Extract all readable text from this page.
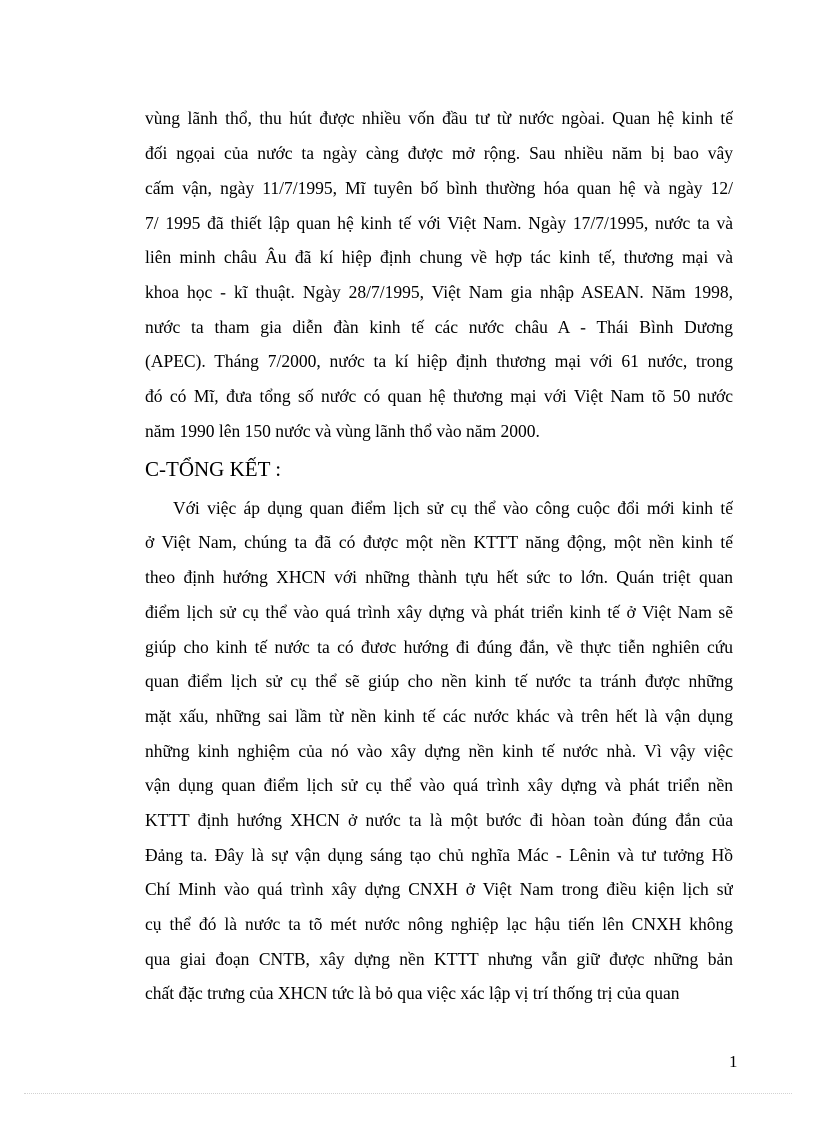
vùng lãnh thổ, thu hút được nhiều vốn đầu tư từ nước ngòai. Quan hệ kinh tế
đối ngọai của nước ta ngày càng được mở rộng. Sau nhiều năm bị bao vây
cấm vận, ngày 11/7/1995, Mĩ tuyên bố bình thường hóa quan hệ và ngày 12/
7/ 1995 đã thiết lập quan hệ kinh tế với Việt Nam. Ngày 17/7/1995, nước ta và
liên minh châu Âu đã kí hiệp định chung về hợp tác kinh tế, thương mại và
khoa học - kĩ thuật. Ngày 28/7/1995, Việt Nam gia nhập ASEAN. Năm 1998,
nước ta tham gia diễn đàn kinh tế các nước châu A - Thái Bình Dương
(APEC). Tháng 7/2000, nước ta kí hiệp định thương mại với 61 nước, trong
đó có Mĩ, đưa tổng số nước có quan hệ thương mại với Việt Nam tõ 50 nước
năm 1990 lên 150 nước và vùng lãnh thổ vào năm 2000.
C-TỔNG KẾT :
Với việc áp dụng quan điểm lịch sử cụ thể vào công cuộc đổi mới kinh tế
ở Việt Nam, chúng ta đã có được một nền KTTT năng động, một nền kinh tế
theo định hướng XHCN với những thành tựu hết sức to lớn. Quán triệt quan
điểm lịch sử cụ thể vào quá trình xây dựng và phát triển kinh tế ở Việt Nam sẽ
giúp cho kinh tế nước ta có đươc hướng đi đúng đắn, về thực tiễn nghiên cứu
quan điểm lịch sử cụ thể sẽ giúp cho nền kinh tế nước ta tránh được những
mặt xấu, những sai lầm từ nền kinh tế các nước khác và trên hết là vận dụng
những kinh nghiệm của nó vào xây dựng nền kinh tế nước nhà. Vì vậy việc
vận dụng quan điểm lịch sử cụ thể vào quá trình xây dựng và phát triển nền
KTTT định hướng XHCN ở nước ta là một bước đi hòan toàn đúng đắn của
Đảng ta. Đây là sự vận dụng sáng tạo chủ nghĩa Mác - Lênin và tư tưởng Hồ
Chí Minh vào quá trình xây dựng CNXH ở Việt Nam trong điều kiện lịch sử
cụ thể đó là nước ta tõ mét nước nông nghiệp lạc hậu tiến lên CNXH không
qua giai đoạn CNTB, xây dựng nền KTTT nhưng vẫn giữ được những bản
chất đặc trưng của XHCN tức là bỏ qua việc xác lập vị trí thống trị của quan
1
